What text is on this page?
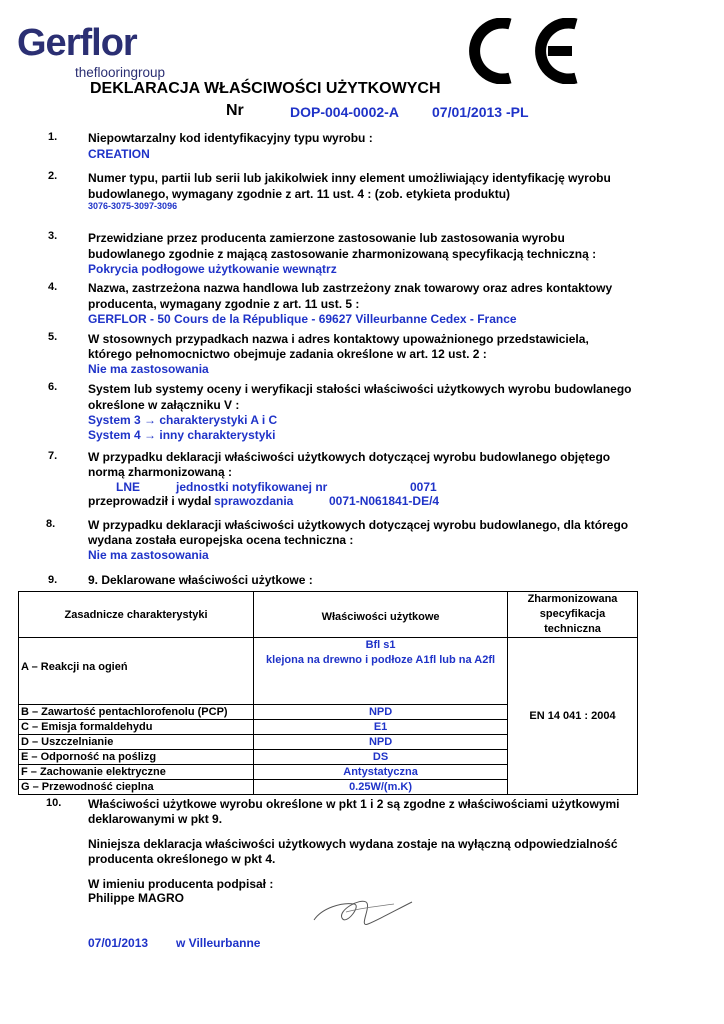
Gerflor
theflooringroup
DEKLARACJA WŁAŚCIWOŚCI UŻYTKOWYCH
Nr	DOP-004-0002-A 07/01/2013 -PL
1.	Niepowtarzalny kod identyfikacyjny typu wyrobu :
CREATION
2.	Numer typu, partii lub serii lub jakikolwiek inny element umożliwiający identyfikację wyrobu
budowlanego, wymagany zgodnie z art. 11 ust. 4 : (zob. etykieta produktu)
3076-3075-3097-3096
3.	Przewidziane przez producenta zamierzone zastosowanie lub zastosowania wyrobu
budowlanego zgodnie z mającą zastosowanie zharmonizowaną specyfikacją techniczną :
Pokrycia podłogowe użytkowanie wewnątrz
4.	Nazwa, zastrzeżona nazwa handlowa lub zastrzeżony znak towarowy oraz adres kontaktowy
producenta, wymagany zgodnie z art. 11 ust. 5 :
GERFLOR - 50 Cours de la République - 69627 Villeurbanne Cedex - France
5.	W stosownych przypadkach nazwa i adres kontaktowy upoważnionego przedstawiciela,
którego pełnomocnictwo obejmuje zadania określone w art. 12 ust. 2 :
Nie ma zastosowania
6.	System lub systemy oceny i weryfikacji stałości właściwości użytkowych wyrobu budowlanego
określone w załączniku V :
System 3 → charakterystyki A i C
System 4 → inny charakterystyki
7.	W przypadku deklaracji właściwości użytkowych dotyczącej wyrobu budowlanego objętego
normą zharmonizowaną :
LNE	jednostki notyfikowanej nr	0071
przeprowadził i wydal sprawozdania	0071-N061841-DE/4
8.	W przypadku deklaracji właściwości użytkowych dotyczącej wyrobu budowlanego, dla którego
wydana została europejska ocena techniczna :
Nie ma zastosowania
9.	9. Deklarowane właściwości użytkowe :
Zasadnicze charakterystyki	Właściwości użytkowe	Zharmonizowana
specyfikacja
techniczna

A – Reakcji na ogień	Bfl s1
klejona na drewno i podłoze A1fl lub na A2fl	EN 14 041 : 2004
B – Zawartość pentachlorofenolu (PCP)	NPD	
C – Emisja formaldehydu	E1	
D – Uszczelnianie	NPD	
E – Odporność na poślizg	DS	
F – Zachowanie elektryczne	Antystatyczna	
G – Przewodność cieplna	0.25W/(m.K)	
10. Właściwości użytkowe wyrobu określone w pkt 1 i 2 są zgodne z właściwościami użytkowymi
deklarowanymi w pkt 9.
Niniejsza deklaracja właściwości użytkowych wydana zostaje na wyłączną odpowiedzialność
producenta określonego w pkt 4.
W imieniu producenta podpisał :
Philippe MAGRO
07/01/2013 w Villeurbanne
